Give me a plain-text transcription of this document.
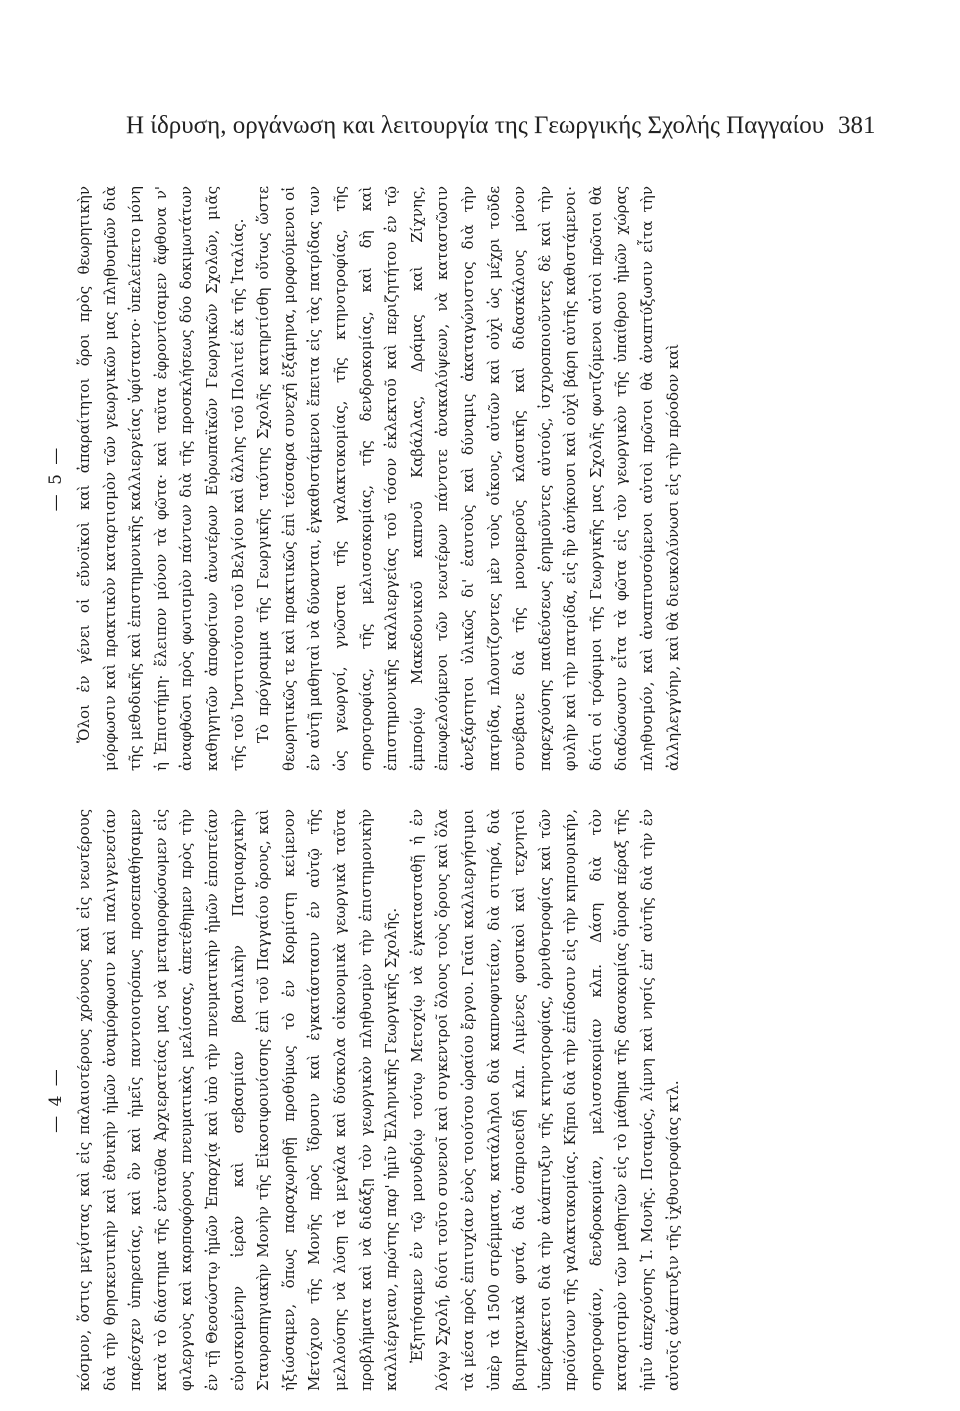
Η ίδρυση, οργάνωση και λειτουργία της Γεωργικής Σχολής Παγγαίου 381
— 4 — κόσμον, ὅστις μεγίστας καὶ εἰς παλαιοτέρους χρόνους καὶ εἰς νεωτέρους διὰ τὴν θρησκευτικὴν καὶ ἐθνικὴν ἡμῶν ἀναμόρφωσιν καὶ παλιγγενεσίαν παρέσχεν ὑπηρεσίας, καὶ ὃν καὶ ἡμεῖς παντοιοτρόπως προσεπαθήσαμεν κατὰ τὸ διάστημα τῆς ἐνταῦθα Ἀρχιερατείας μας νὰ μεταμορφώσωμεν εἰς φιλεργοὺς καὶ καρποφόρους πνευματικὰς μελίσσας, ἀπετέθημεν πρὸς τὴν ἐν τῇ Θεοσώστῳ ἡμῶν Ἐπαρχίᾳ καὶ ὑπὸ τὴν πνευματικὴν ἡμῶν ἐποπτείαν εὑρισκομένην ἱερὰν καὶ σεβασμίαν βασιλικὴν Πατριαρχικὴν Σταυροπηγιακὴν Μονὴν τῆς Εἰκοσιφοινίσσης ἐπὶ τοῦ Παγγαίου ὄρους, καὶ ἠξιώσαμεν, ὅπως παραχωρηθῇ προθύμως τὸ ἐν Κορμίστῃ κείμενον Μετόχιον τῆς Μονῆς πρὸς ἵδρυσιν καὶ ἐγκατάστασιν ἐν αὐτῷ τῆς μελλούσης νὰ λύσῃ τὰ μεγάλα καὶ δύσκολα οἰκονομικὰ γεωργικὰ ταῦτα προβλήματα καὶ νὰ διδάξῃ τὸν γεωργικὸν πληθυσμὸν τὴν ἐπιστημονικὴν καλλιέργειαν, πρώτης παρ' ἡμῖν Ἑλληνικῆς Γεωργικῆς Σχολῆς. Ἐξητήσαμεν ἐν τῷ μονυδρίῳ τούτῳ Μετοχίῳ νὰ ἐγκατασταθῇ ἡ ἐν λόγῳ Σχολή, διότι τοῦτο συνενοῖ καὶ συγκεντροῖ ὅλους τοὺς ὅρους καὶ ὅλα τὰ μέσα πρὸς ἐπιτυχίαν ἑνὸς τοιούτου ὡραίου ἔργου. Γαῖαι καλλιεργήσιμοι ὑπὲρ τὰ 1500 στρέμματα, κατάλληλοι διὰ καπνοφυτείαν, διὰ σιτηρά, διὰ βιομηχανικὰ φυτά, διὰ ὀσπριοειδῆ κλπ. Λιμένες φυσικοὶ καὶ τεχνητοὶ ὑπεράρκετοι διὰ τὴν ἀνάπτυξιν τῆς κτηνοτροφίας, ὀρνιθοτροφίας καὶ τῶν προϊόντων τῆς γαλακτοκομίας. Κῆποι διὰ τὴν ἐπίδοσιν εἰς τὴν κηπουρικήν, σηροτροφίαν, δενδροκομίαν, μελισσοκομίαν κλπ. Δάση διὰ τὸν καταρτισμὸν τῶν μαθητῶν εἰς τὸ μάθημα τῆς δασοκομίας ὄμορα πέραξ τῆς ἡμῖν ἀπεχούσης Ἱ. Μονῆς. Ποταμός, λίμνη καὶ νησίς ἐπ' αὐτῆς διὰ τὴν ἐν αὐτοῖς ἀνάπτυξιν τῆς ἰχθυοτροφίας κτλ.

— 5 — Ὅλοι ἐν γένει οἱ εὔνοϊκοὶ καὶ ἀπαραίτητοι ὅροι πρὸς θεωρητικὴν μόρφωσιν καὶ πρακτικὸν καταρτισμὸν τῶν γεωργικῶν μας πληθυσμῶν διὰ τῆς μεθοδικῆς καὶ ἐπιστημονικῆς καλλιεργείας ὑφίσταντο· ὑπελείπετο μόνη ἡ Ἐπιστήμη· ἔλειπον μόνον τὰ φῶτα· καὶ ταῦτα ἐφροντίσαμεν ἄφθονα ν' ἀναφθῶσι πρὸς φωτισμὸν πάντων διὰ τῆς προσκλήσεως δύο δοκιμωτάτων καθηγητῶν ἀποφοίτων ἀνωτέρων Εὐρωπαϊκῶν Γεωργικῶν Σχολῶν, μιᾶς τῆς τοῦ Ἰνστιτούτου τοῦ Βελγίου καὶ ἄλλης τοῦ Πολιτεί ἐκ τῆς Ἰταλίας. Τὸ πρόγραμμα τῆς Γεωργικῆς ταύτης Σχολῆς κατηρτίσθη οὕτως ὥστε θεωρητικῶς τε καὶ πρακτικῶς ἐπὶ τέσσαρα συνεχῆ ἐξάμηνα, μορφούμενοι οἱ ἐν αὐτῇ μαθηταὶ νὰ δύνανται, ἐγκαθιστάμενοι ἔπειτα εἰς τὰς πατρίδας των ὡς γεωργοί, γνῶσται τῆς γαλακτοκομίας, τῆς κτηνοτροφίας, τῆς σηροτροφίας, τῆς μελισσοκομίας, τῆς δενδροκομίας, καὶ δὴ καὶ ἐπιστημονικῆς καλλιεργείας τοῦ τόσον ἐκλεκτοῦ καὶ περιζητήτου ἐν τῷ ἐμπορίῳ Μακεδονικοῦ καπνοῦ Καβάλλας, Δράμας καὶ Ζίχνης, ἐπωφελούμενοι τῶν νεωτέρων πάντοτε ἀνακαλύψεων, νὰ καταστῶσιν ἀνεξάρτητοι ὑλικῶς δι' ἑαυτοὺς καὶ δύναμις ἀκαταγώνιστος διὰ τὴν πατρίδα, πλουτίζοντες μὲν τοὺς οἴκους, αὐτῶν καὶ οὐχὶ ὡς μέχρι τοῦδε συνέβαινε διὰ τῆς μονομεροῦς κλασικῆς καὶ διδασκάλους μόνον παρεχούσης παιδεύσεως ἐρημοῦντες αὐτούς, ἰσχυροποιοῦντες δὲ καὶ τὴν φυλὴν καὶ τὴν πατρίδα, εἰς ἣν ἀνήκουσι καὶ οὐχὶ βάρη αὐτῆς καθιστάμενοι· διότι οἱ τρόφιμοι τῆς Γεωργικῆς μας Σχολῆς φωτιζόμενοι αὐτοὶ πρῶτοι θὰ διαδώσωσιν εἶτα τὰ φῶτα εἰς τὸν γεωργικὸν τῆς ὑπαίθρου ἡμῶν χώρας πληθυσμόν, καὶ ἀναπτυσσόμενοι αὐτοὶ πρῶτοι θὰ ἀναπτύξωσιν εἶτα τὴν ἀλληλεγγύην, καὶ θὰ διευκολύνωσι εἰς τὴν πρόοδον καὶ
